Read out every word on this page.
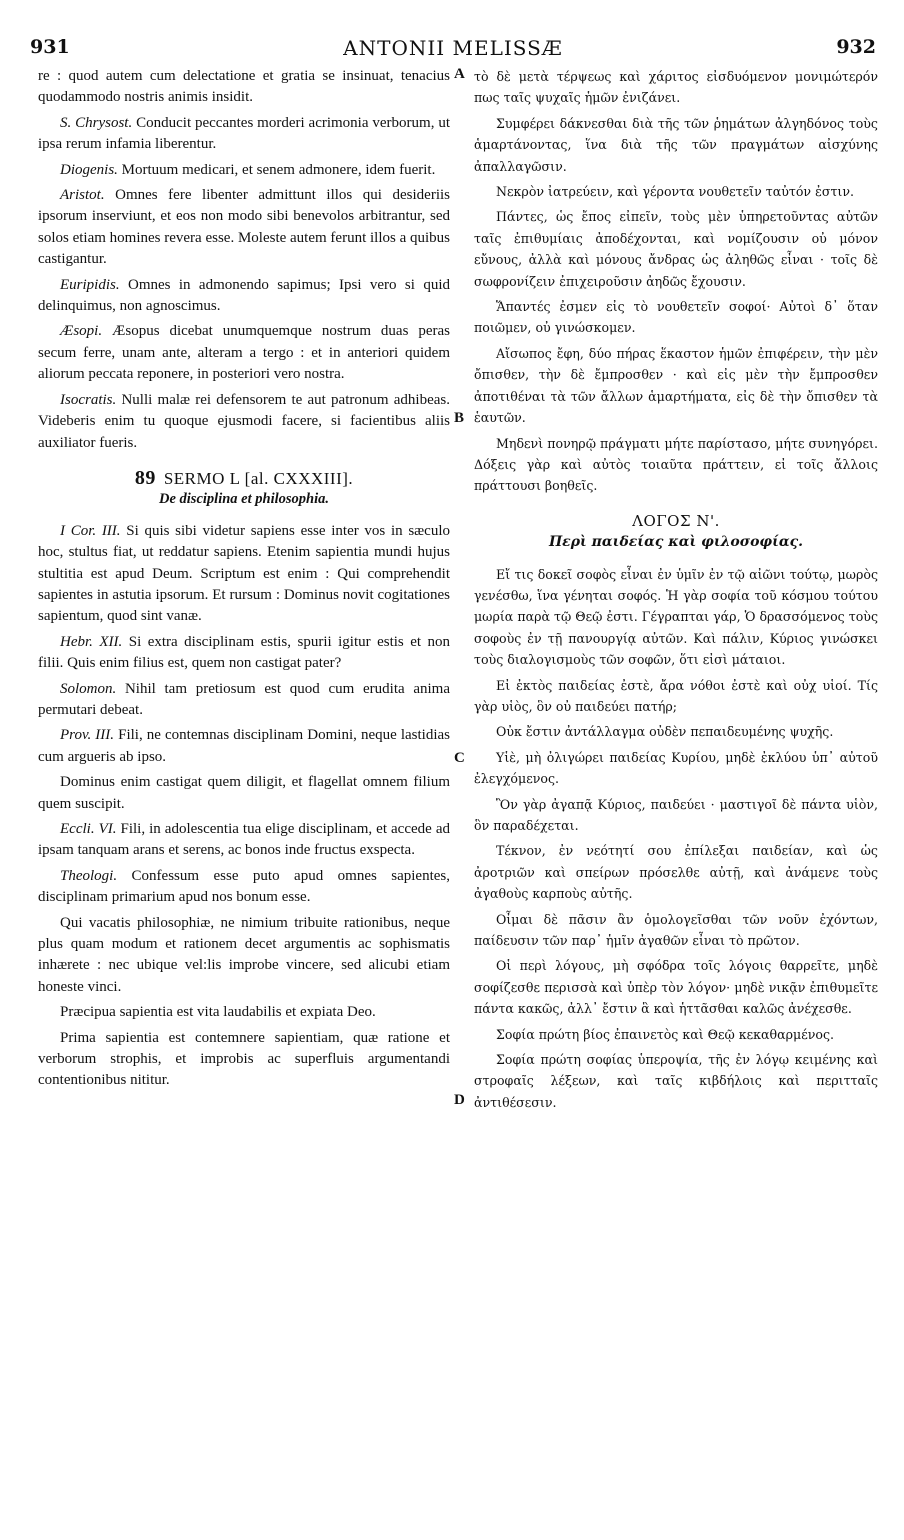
931	ANTONII MELISSÆ	932
A
B
C
D

re : quod autem cum delectatione et gratia se insinuat, tenacius quodammodo nostris animis insidit.

S. Chrysost. Conducit peccantes morderi acrimonia verborum, ut ipsa rerum infamia liberentur.

Diogenis. Mortuum medicari, et senem admonere, idem fuerit.

Aristot. Omnes fere libenter admittunt illos qui desideriis ipsorum inserviunt, et eos non modo sibi benevolos arbitrantur, sed solos etiam homines revera esse. Moleste autem ferunt illos a quibus castigantur.

Euripidis. Omnes in admonendo sapimus; Ipsi vero si quid delinquimus, non agnoscimus.

Æsopi. Æsopus dicebat unumquemque nostrum duas peras secum ferre, unam ante, alteram a tergo : et in anteriori quidem aliorum peccata reponere, in posteriori vero nostra.

Isocratis. Nulli malæ rei defensorem te aut patronum adhibeas. Videberis enim tu quoque ejusmodi facere, si facientibus aliis auxiliator fueris.

89 SERMO L [al. CXXXIII].
De disciplina et philosophia.

I Cor. III. Si quis sibi videtur sapiens esse inter vos in sæculo hoc, stultus fiat, ut reddatur sapiens. Etenim sapientia mundi hujus stultitia est apud Deum. Scriptum est enim : Qui comprehendit sapientes in astutia ipsorum. Et rursum : Dominus novit cogitationes sapientum, quod sint vanæ.

Hebr. XII. Si extra disciplinam estis, spurii igitur estis et non filii. Quis enim filius est, quem non castigat pater?

Solomon. Nihil tam pretiosum est quod cum erudita anima permutari debeat.

Prov. III. Fili, ne contemnas disciplinam Domini, neque lastidias cum argueris ab ipso.

Dominus enim castigat quem diligit, et flagellat omnem filium quem suscipit.

Eccli. VI. Fili, in adolescentia tua elige disciplinam, et accede ad ipsam tanquam arans et serens, ac bonos inde fructus exspecta.

Theologi. Confessum esse puto apud omnes sapientes, disciplinam primarium apud nos bonum esse.

Qui vacatis philosophiæ, ne nimium tribuite rationibus, neque plus quam modum et rationem decet argumentis ac sophismatis inhærete : nec ubique vel:lis improbe vincere, sed alicubi etiam honeste vinci.

Præcipua sapientia est vita laudabilis et expiata Deo.

Prima sapientia est contemnere sapientiam, quæ ratione et verborum strophis, et improbis ac superfluis argumentandi contentionibus nititur.

τὸ δὲ μετὰ τέρψεως καὶ χάριτος εἰσδυόμενον μονιμώτερόν πως ταῖς ψυχαῖς ἡμῶν ἐνιζάνει.

Συμφέρει δάκνεσθαι διὰ τῆς τῶν ῥημάτων ἀλγηδόνος τοὺς ἁμαρτάνοντας, ἵνα διὰ τῆς τῶν πραγμάτων αἰσχύνης ἀπαλλαγῶσιν.

Νεκρὸν ἰατρεύειν, καὶ γέροντα νουθετεῖν ταὐτόν ἐστιν.

Πάντες, ὡς ἔπος εἰπεῖν, τοὺς μὲν ὑπηρετοῦντας αὐτῶν ταῖς ἐπιθυμίαις ἀποδέχονται, καὶ νομίζουσιν οὐ μόνον εὔνους, ἀλλὰ καὶ μόνους ἄνδρας ὡς ἀληθῶς εἶναι · τοῖς δὲ σωφρονίζειν ἐπιχειροῦσιν ἀηδῶς ἔχουσιν.

Ἅπαντές ἐσμεν εἰς τὸ νουθετεῖν σοφοί· Αὐτοὶ δ᾽ ὅταν ποιῶμεν, οὐ γινώσκομεν.

Αἴσωπος ἔφη, δύο πήρας ἕκαστον ἡμῶν ἐπιφέρειν, τὴν μὲν ὄπισθεν, τὴν δὲ ἔμπροσθεν · καὶ εἰς μὲν τὴν ἔμπροσθεν ἀποτιθέναι τὰ τῶν ἄλλων ἁμαρτήματα, εἰς δὲ τὴν ὄπισθεν τὰ ἑαυτῶν.

Μηδενὶ πονηρῷ πράγματι μήτε παρίστασο, μήτε συνηγόρει. Δόξεις γὰρ καὶ αὐτὸς τοιαῦτα πράττειν, εἰ τοῖς ἄλλοις πράττουσι βοηθεῖς.

ΛΟΓΟΣ Ν'.
Περὶ παιδείας καὶ φιλοσοφίας.

Εἴ τις δοκεῖ σοφὸς εἶναι ἐν ὑμῖν ἐν τῷ αἰῶνι τούτῳ, μωρὸς γενέσθω, ἵνα γένηται σοφός. Ἡ γὰρ σοφία τοῦ κόσμου τούτου μωρία παρὰ τῷ Θεῷ ἐστι. Γέγραπται γάρ, Ὁ δρασσόμενος τοὺς σοφοὺς ἐν τῇ πανουργίᾳ αὐτῶν. Καὶ πάλιν, Κύριος γινώσκει τοὺς διαλογισμοὺς τῶν σοφῶν, ὅτι εἰσὶ μάταιοι.

Εἰ ἐκτὸς παιδείας ἐστὲ, ἄρα νόθοι ἐστὲ καὶ οὐχ υἱοί. Τίς γὰρ υἱὸς, ὃν οὐ παιδεύει πατήρ;

Οὐκ ἔστιν ἀντάλλαγμα οὐδὲν πεπαιδευμένης ψυχῆς.

Υἱὲ, μὴ ὀλιγώρει παιδείας Κυρίου, μηδὲ ἐκλύου ὑπ᾽ αὐτοῦ ἐλεγχόμενος.

Ὃν γὰρ ἀγαπᾷ Κύριος, παιδεύει · μαστιγοῖ δὲ πάντα υἱὸν, ὃν παραδέχεται.

Τέκνον, ἐν νεότητί σου ἐπίλεξαι παιδείαν, καὶ ὡς ἀροτριῶν καὶ σπείρων πρόσελθε αὐτῇ, καὶ ἀνάμενε τοὺς ἀγαθοὺς καρποὺς αὐτῆς.

Οἶμαι δὲ πᾶσιν ἂν ὁμολογεῖσθαι τῶν νοῦν ἐχόντων, παίδευσιν τῶν παρ᾽ ἡμῖν ἀγαθῶν εἶναι τὸ πρῶτον.

Οἱ περὶ λόγους, μὴ σφόδρα τοῖς λόγοις θαρρεῖτε, μηδὲ σοφίζεσθε περισσὰ καὶ ὑπὲρ τὸν λόγον· μηδὲ νικᾷν ἐπιθυμεῖτε πάντα κακῶς, ἀλλ᾽ ἔστιν ἃ καὶ ἡττᾶσθαι καλῶς ἀνέχεσθε.

Σοφία πρώτη βίος ἐπαινετὸς καὶ Θεῷ κεκαθαρμένος.

Σοφία πρώτη σοφίας ὑπεροψία, τῆς ἐν λόγῳ κειμένης καὶ στροφαῖς λέξεων, καὶ ταῖς κιβδήλοις καὶ περιτταῖς ἀντιθέσεσιν.
